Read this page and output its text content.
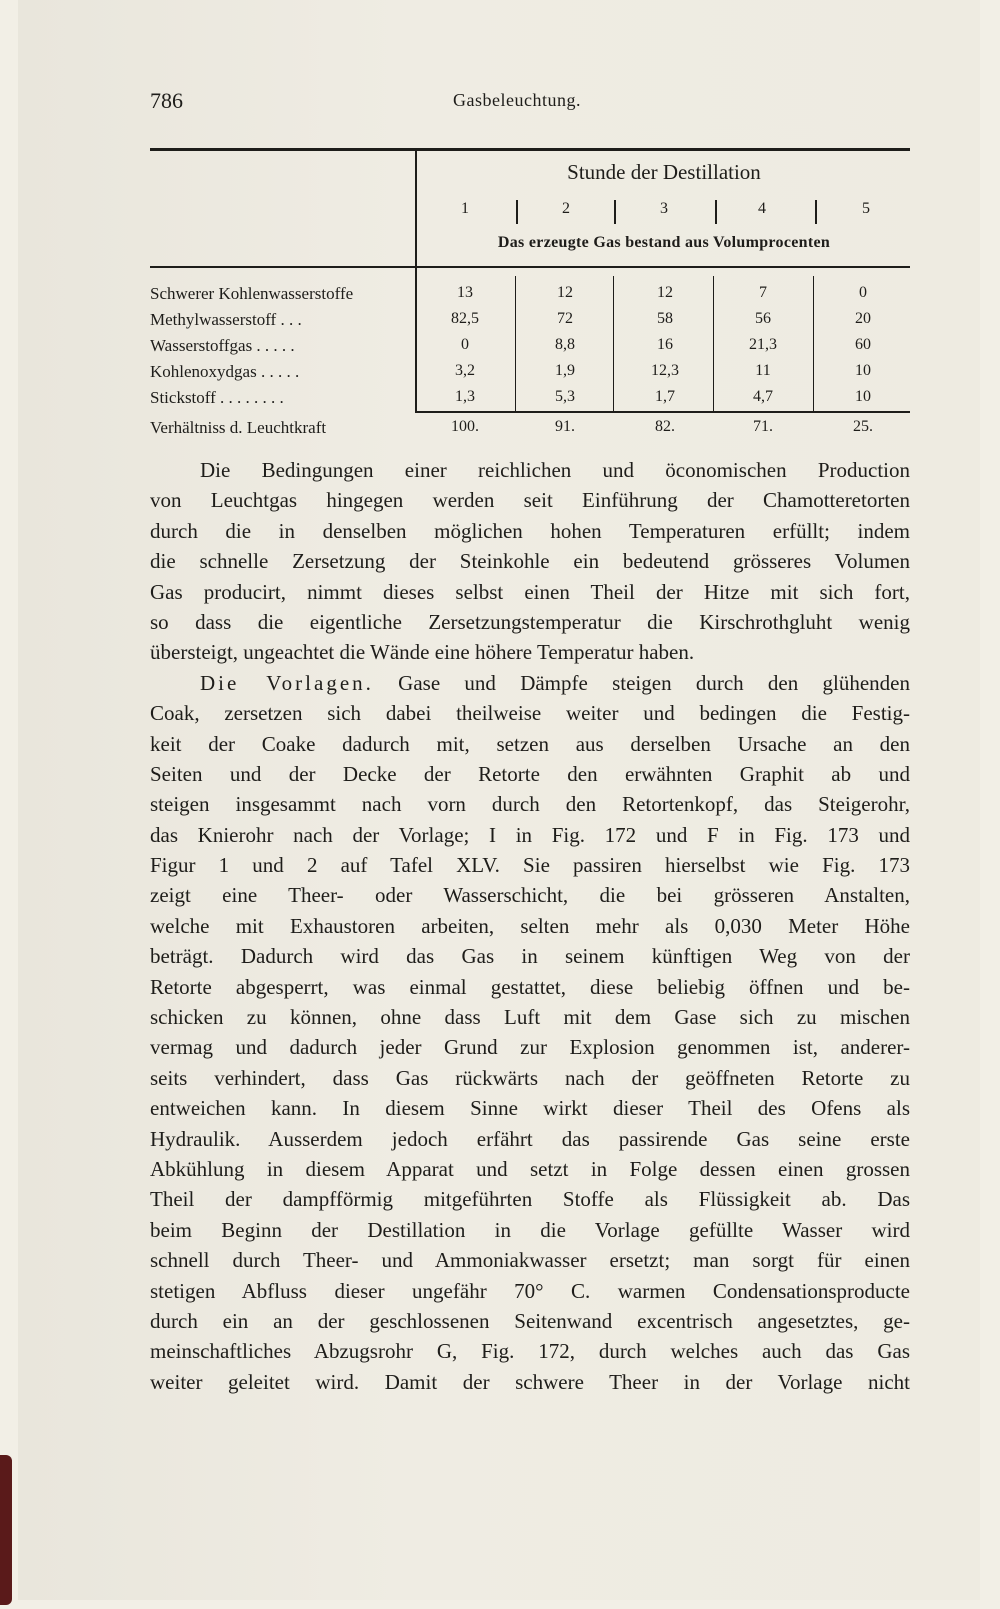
786	Gasbeleuchtung.
Stunde der Destillation
1	2	3	4	5
Das erzeugte Gas bestand aus Volumprocenten
Schwerer Kohlenwasserstoffe	13	12	12	7	0
Methylwasserstoff . . .	82,5	72	58	56	20
Wasserstoffgas . . . . .	0	8,8	16	21,3	60
Kohlenoxydgas . . . . .	3,2	1,9	12,3	11	10
Stickstoff . . . . . . . .	1,3	5,3	1,7	4,7	10
Verhältniss d. Leuchtkraft	100.	91.	82.	71.	25.
Die Bedingungen einer reichlichen und öconomischen Production
von Leuchtgas hingegen werden seit Einführung der Chamotteretorten
durch die in denselben möglichen hohen Temperaturen erfüllt; indem
die schnelle Zersetzung der Steinkohle ein bedeutend grösseres Volumen
Gas producirt, nimmt dieses selbst einen Theil der Hitze mit sich fort,
so dass die eigentliche Zersetzungstemperatur die Kirschrothgluht wenig
übersteigt, ungeachtet die Wände eine höhere Temperatur haben.
Die Vorlagen. Gase und Dämpfe steigen durch den glühenden
Coak, zersetzen sich dabei theilweise weiter und bedingen die Festig-
keit der Coake dadurch mit, setzen aus derselben Ursache an den
Seiten und der Decke der Retorte den erwähnten Graphit ab und
steigen insgesammt nach vorn durch den Retortenkopf, das Steigerohr,
das Knierohr nach der Vorlage; I in Fig. 172 und F in Fig. 173 und
Figur 1 und 2 auf Tafel XLV. Sie passiren hierselbst wie Fig. 173
zeigt eine Theer- oder Wasserschicht, die bei grösseren Anstalten,
welche mit Exhaustoren arbeiten, selten mehr als 0,030 Meter Höhe
beträgt. Dadurch wird das Gas in seinem künftigen Weg von der
Retorte abgesperrt, was einmal gestattet, diese beliebig öffnen und be-
schicken zu können, ohne dass Luft mit dem Gase sich zu mischen
vermag und dadurch jeder Grund zur Explosion genommen ist, anderer-
seits verhindert, dass Gas rückwärts nach der geöffneten Retorte zu
entweichen kann. In diesem Sinne wirkt dieser Theil des Ofens als
Hydraulik. Ausserdem jedoch erfährt das passirende Gas seine erste
Abkühlung in diesem Apparat und setzt in Folge dessen einen grossen
Theil der dampfförmig mitgeführten Stoffe als Flüssigkeit ab. Das
beim Beginn der Destillation in die Vorlage gefüllte Wasser wird
schnell durch Theer- und Ammoniakwasser ersetzt; man sorgt für einen
stetigen Abfluss dieser ungefähr 70° C. warmen Condensationsproducte
durch ein an der geschlossenen Seitenwand excentrisch angesetztes, ge-
meinschaftliches Abzugsrohr G, Fig. 172, durch welches auch das Gas
weiter geleitet wird. Damit der schwere Theer in der Vorlage nicht
